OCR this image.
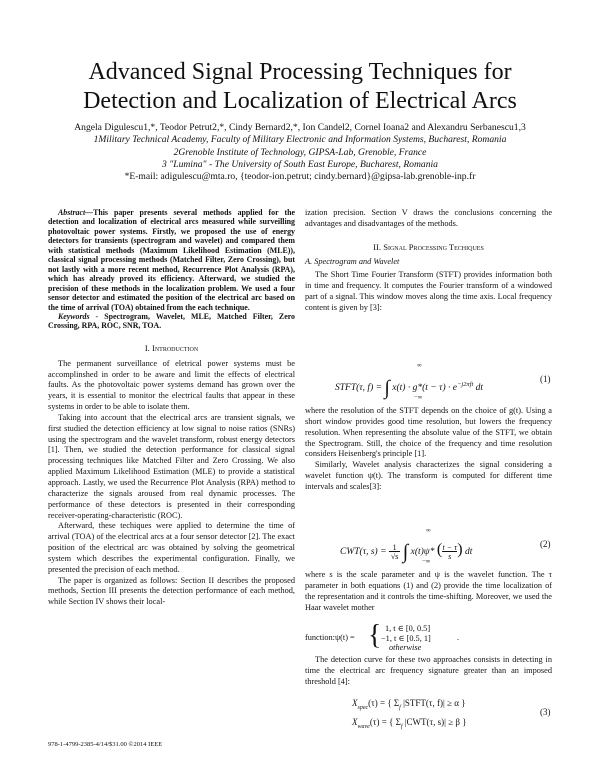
Advanced Signal Processing Techniques for
Detection and Localization of Electrical Arcs
Angela Digulescu1,*, Teodor Petrut2,*, Cindy Bernard2,*, Ion Candel2, Cornel Ioana2 and Alexandru Serbanescu1,3
1Military Technical Academy, Faculty of Military Electronic and Information Systems, Bucharest, Romania
2Grenoble Institute of Technology, GIPSA-Lab, Grenoble, France
3 "Lumina" - The University of South East Europe, Bucharest, Romania
*E-mail: adigulescu@mta.ro, {teodor-ion.petrut; cindy.bernard}@gipsa-lab.grenoble-inp.fr

Abstract—This paper presents several methods applied for the detection and localization of electrical arcs measured while surveilling photovoltaic power systems. Firstly, we proposed the use of energy detectors for transients (spectrogram and wavelet) and compared them with statistical methods (Maximum Likelihood Estimation (MLE)), classical signal processing methods (Matched Filter, Zero Crossing), but not lastly with a more recent method, Recurrence Plot Analysis (RPA), which has already proved its efficiency. Afterward, we studied the precision of these methods in the localization problem. We used a four sensor detector and estimated the position of the electrical arc based on the time of arrival (TOA) obtained from the each technique.

Keywords - Spectrogram, Wavelet, MLE, Matched Filter, Zero Crossing, RPA, ROC, SNR, TOA.

I. Introduction

The permanent surveillance of eletrical power systems must be accomplinshed in order to be aware and limit the effects of electrical faults. As the photovoltaic power systems demand has grown over the years, it is essential to monitor the electrical faults that appear in these systems in order to be able to isolate them.

Taking into account that the electrical arcs are transient signals, we first studied the detection efficiency at low signal to noise ratios (SNRs) using the spectrogram and the wavelet transform, robust energy detectors [1]. Then, we studied the detection performance for classical signal processing techniques like Matched Filter and Zero Crossing. We also applied Maximum Likelihood Estimation (MLE) to provide a statistical approach. Lastly, we used the Recurrence Plot Analysis (RPA) method to characterize the signals aroused from real dynamic processes. The performance of these detectors is presented in their corresponding receiver-operating-characteristic (ROC).

Afterward, these techiques were applied to determine the time of arrival (TOA) of the electrical arcs at a four sensor detector [2]. The exact position of the electrical arc was obtained by solving the geometrical system which describes the experimental configuration. Finally, we presented the precision of each method.

The paper is organized as follows: Section II describes the proposed methods, Section III presents the detection performance of each method, while Section IV shows their local-

ization precision. Section V draws the conclusions concerning the advantages and disadvantages of the methods.

II. Signal Processing Techiques

A. Spectrogram and Wavelet

The Short Time Fourier Transform (STFT) provides information both in time and frequency. It computes the Fourier transform of a windowed part of a signal. This window moves along the time axis. Local frequency content is given by [3]:

STFT(τ, f) = ∫ $x(t) \cdot g*(t - \tau) \cdot e^{-j2\pi ft}$ dt
∞
−∞
(1)

where the resolution of the STFT depends on the choice of g(t). Using a short window provides good time resolution, but lowers the frequency resolution. When representing the absolute value of the STFT, we obtain the Spectrogram. Still, the choice of the frequency and time resolution considers Heisenberg's principle [1].

Similarly, Wavelet analysis characterizes the signal considering a wavelet function ψ(t). The transform is computed for different time intervals and scales[3]:

CWT(τ, s) = 1
√s ∫ x(t)ψ* (t − τ
s ) dt
∞
−∞
(2)

where s is the scale parameter and ψ is the wavelet function. The τ parameter in both equations (1) and (2) provide the time localization of the representation and it controls the time-shifting. Moreover, we used the Haar wavelet mother

function:ψ(t) = { 1, t ∈ [0, 0.5]
−1, t ∈ [0.5, 1]
otherwise
.

The detection curve for these two approaches consists in detecting in time the electrical arc frequency signature greater than an imposed threshold [4]:

$X_{spec}(\tau)$ = { $\Sigma_f$ |STFT(τ, f)| ≥ α }
$X_{wave}(\tau)$ = { $\Sigma_f$ |CWT(τ, s)| ≥ β }
(3)
978-1-4799-2385-4/14/$31.00 ©2014 IEEE
